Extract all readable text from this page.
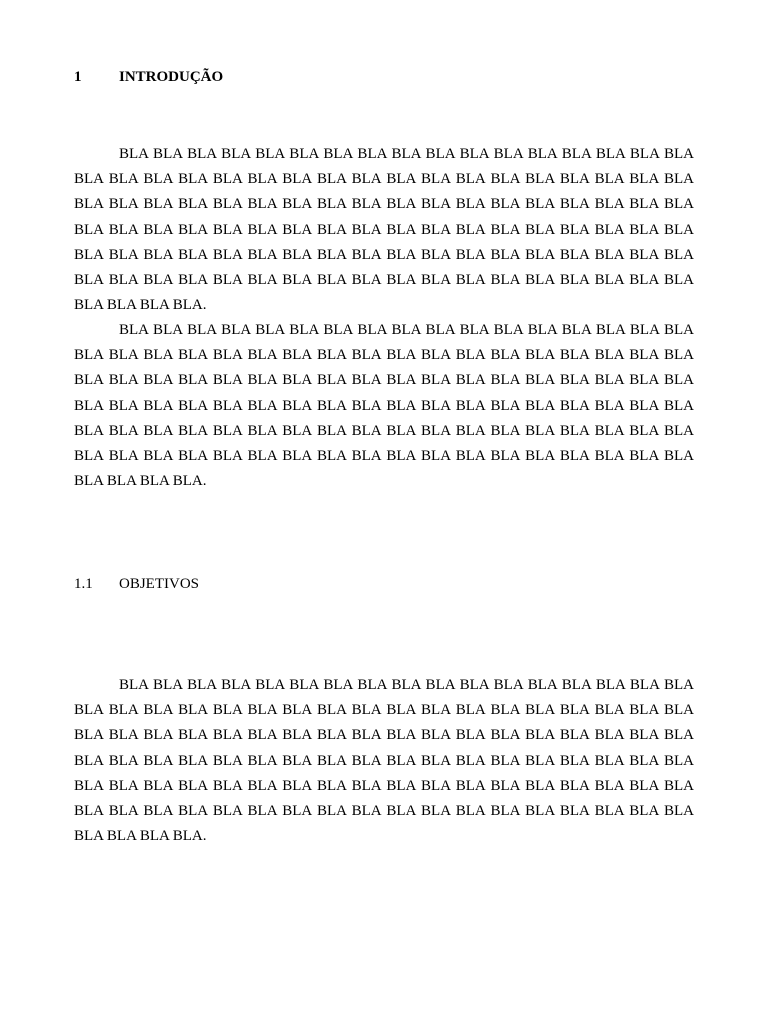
1	INTRODUÇÃO
BLA BLA BLA BLA BLA BLA BLA BLA BLA BLA BLA BLA BLA BLA BLA BLA BLA
BLA BLA BLA BLA BLA BLA BLA BLA BLA BLA BLA BLA BLA BLA BLA BLA BLA BLA
BLA BLA BLA BLA BLA BLA BLA BLA BLA BLA BLA BLA BLA BLA BLA BLA BLA BLA
BLA BLA BLA BLA BLA BLA BLA BLA BLA BLA BLA BLA BLA BLA BLA BLA BLA BLA
BLA BLA BLA BLA BLA BLA BLA BLA BLA BLA BLA BLA BLA BLA BLA BLA BLA BLA
BLA BLA BLA BLA BLA BLA BLA BLA BLA BLA BLA BLA BLA BLA BLA BLA BLA BLA
BLA BLA BLA BLA.
BLA BLA BLA BLA BLA BLA BLA BLA BLA BLA BLA BLA BLA BLA BLA BLA BLA
BLA BLA BLA BLA BLA BLA BLA BLA BLA BLA BLA BLA BLA BLA BLA BLA BLA BLA
BLA BLA BLA BLA BLA BLA BLA BLA BLA BLA BLA BLA BLA BLA BLA BLA BLA BLA
BLA BLA BLA BLA BLA BLA BLA BLA BLA BLA BLA BLA BLA BLA BLA BLA BLA BLA
BLA BLA BLA BLA BLA BLA BLA BLA BLA BLA BLA BLA BLA BLA BLA BLA BLA BLA
BLA BLA BLA BLA BLA BLA BLA BLA BLA BLA BLA BLA BLA BLA BLA BLA BLA BLA
BLA BLA BLA BLA.
1.1 OBJETIVOS
BLA BLA BLA BLA BLA BLA BLA BLA BLA BLA BLA BLA BLA BLA BLA BLA BLA
BLA BLA BLA BLA BLA BLA BLA BLA BLA BLA BLA BLA BLA BLA BLA BLA BLA BLA
BLA BLA BLA BLA BLA BLA BLA BLA BLA BLA BLA BLA BLA BLA BLA BLA BLA BLA
BLA BLA BLA BLA BLA BLA BLA BLA BLA BLA BLA BLA BLA BLA BLA BLA BLA BLA
BLA BLA BLA BLA BLA BLA BLA BLA BLA BLA BLA BLA BLA BLA BLA BLA BLA BLA
BLA BLA BLA BLA BLA BLA BLA BLA BLA BLA BLA BLA BLA BLA BLA BLA BLA BLA
BLA BLA BLA BLA.
